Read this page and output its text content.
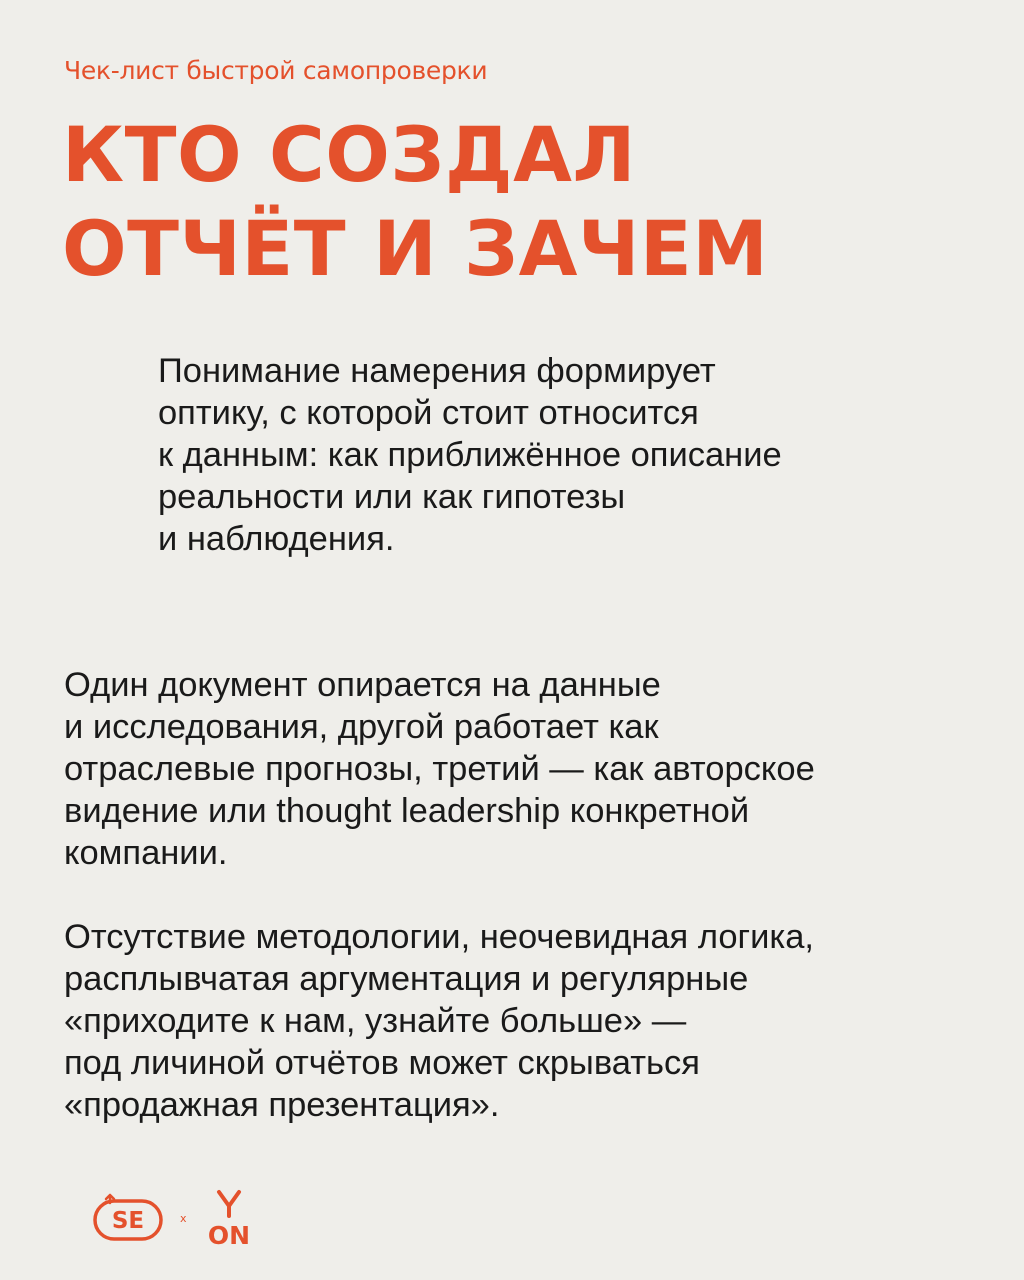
Чек-лист быстрой самопроверки
КТО СОЗДАЛ
ОТЧЁТ И ЗАЧЕМ

Понимание намерения формирует
оптику, с которой стоит относится
к данным: как приближённое описание
реальности или как гипотезы
и наблюдения.

Один документ опирается на данные
и исследования, другой работает как
отраслевые прогнозы, третий — как авторское
видение или thought leadership конкретной
компании.

Отсутствие методологии, неочевидная логика,
расплывчатая аргументация и регулярные
«приходите к нам, узнайте больше» —
под личиной отчётов может скрываться
«продажная презентация».

SE	x
ON
